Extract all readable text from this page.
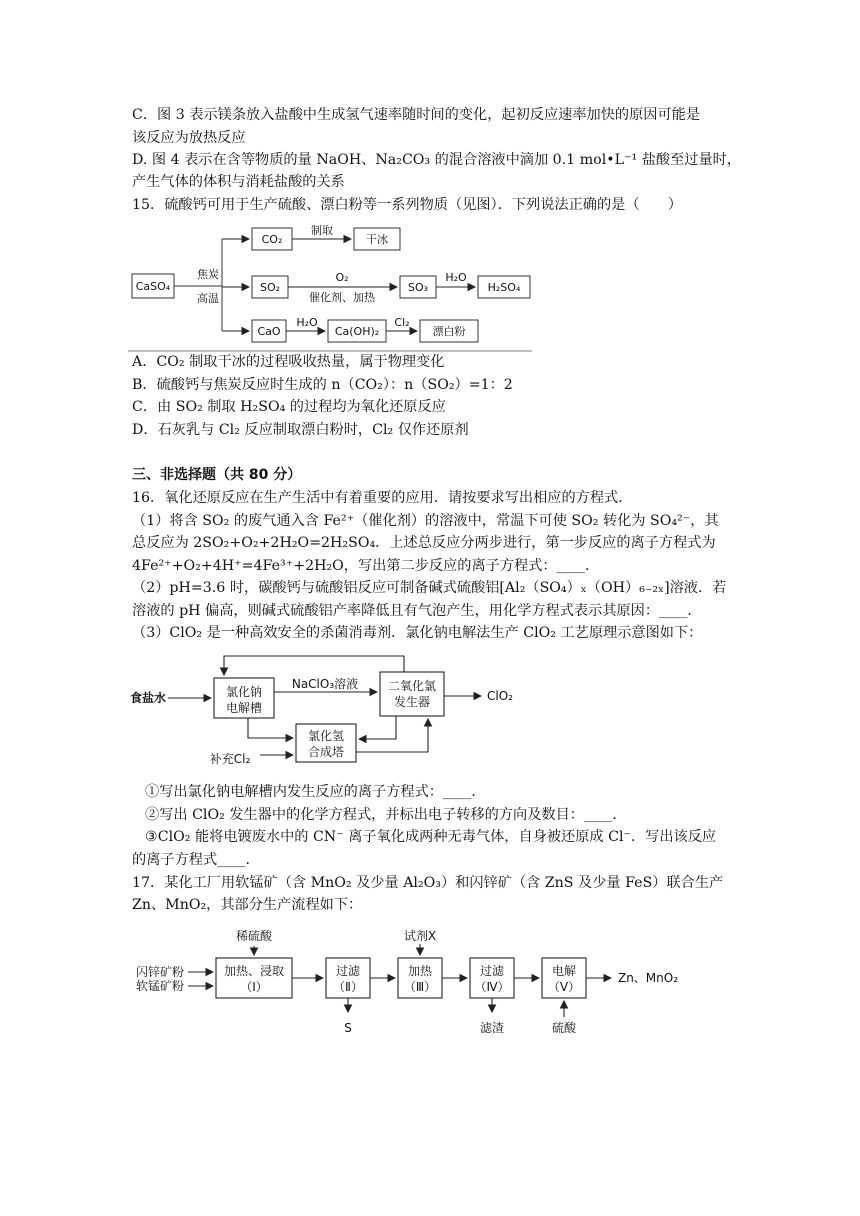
C．图 3 表示镁条放入盐酸中生成氢气速率随时间的变化，起初反应速率加快的原因可能是
该反应为放热反应
D. 图 4 表示在含等物质的量 NaOH、Na₂CO₃ 的混合溶液中滴加 0.1 mol•L⁻¹ 盐酸至过量时，
产生气体的体积与消耗盐酸的关系
15．硫酸钙可用于生产硫酸、漂白粉等一系列物质（见图）．下列说法正确的是（　　）
CaSO₄
焦炭
高温
CO₂
制取
干冰
SO₂
O₂
催化剂、加热
SO₃
H₂O
H₂SO₄
CaO
H₂O
Ca(OH)₂
Cl₂
漂白粉
A．CO₂ 制取干冰的过程吸收热量，属于物理变化
B．硫酸钙与焦炭反应时生成的 n（CO₂）：n（SO₂）=1：2
C．由 SO₂ 制取 H₂SO₄ 的过程均为氧化还原反应
D．石灰乳与 Cl₂ 反应制取漂白粉时，Cl₂ 仅作还原剂
三、非选择题（共 80 分）
16．氧化还原反应在生产生活中有着重要的应用．请按要求写出相应的方程式．
（1）将含 SO₂ 的废气通入含 Fe²⁺（催化剂）的溶液中，常温下可使 SO₂ 转化为 SO₄²⁻，其
总反应为 2SO₂+O₂+2H₂O=2H₂SO₄．上述总反应分两步进行，第一步反应的离子方程式为
4Fe²⁺+O₂+4H⁺=4Fe³⁺+2H₂O，写出第二步反应的离子方程式：____．
（2）pH=3.6 时，碳酸钙与硫酸铝反应可制备碱式硫酸铝[Al₂（SO₄）ₓ（OH）₆₋₂ₓ]溶液．若
溶液的 pH 偏高，则碱式硫酸铝产率降低且有气泡产生，用化学方程式表示其原因：____．
（3）ClO₂ 是一种高效安全的杀菌消毒剂．氯化钠电解法生产 ClO₂ 工艺原理示意图如下：
食盐水	氯化钠
电解槽
NaClO₃溶液 二氧化氯
发生器	ClO₂
氯化氢
合成塔
补充Cl₂
①写出氯化钠电解槽内发生反应的离子方程式：____．
②写出 ClO₂ 发生器中的化学方程式，并标出电子转移的方向及数目：____．
③ClO₂ 能将电镀废水中的 CN⁻ 离子氧化成两种无毒气体，自身被还原成 Cl⁻．写出该反应
的离子方程式____．
17．某化工厂用软锰矿（含 MnO₂ 及少量 Al₂O₃）和闪锌矿（含 ZnS 及少量 FeS）联合生产
Zn、MnO₂，其部分生产流程如下：
稀硫酸	试剂X
闪锌矿粉
软锰矿粉
加热、浸取
（Ⅰ）
过滤
（Ⅱ）
加热
（Ⅲ）
过滤
（Ⅳ）
电解
（Ⅴ）
Zn、MnO₂
S	滤渣	硫酸
